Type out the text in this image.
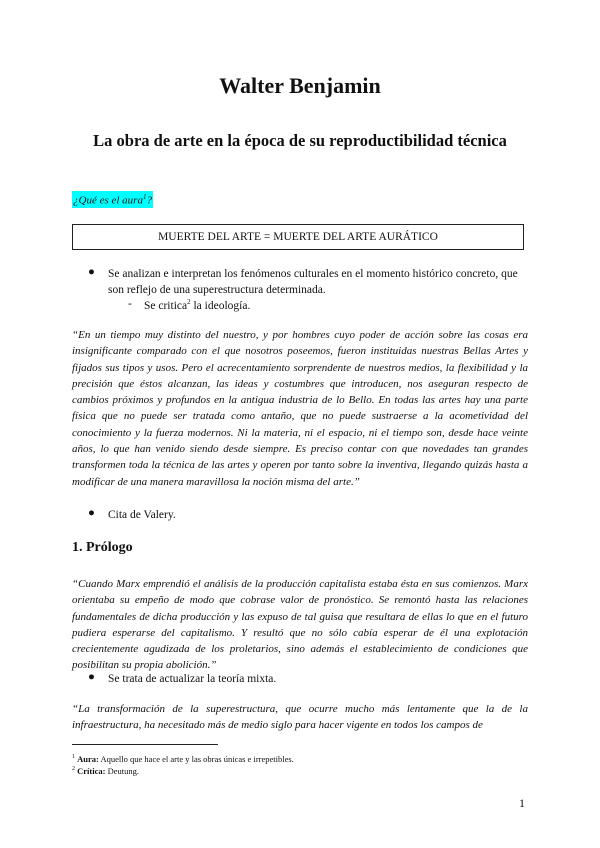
Walter Benjamin
La obra de arte en la época de su reproductibilidad técnica
¿Qué es el aura$^1$?
MUERTE DEL ARTE = MUERTE DEL ARTE AURÁTICO
● Se analizan e interpretan los fenómenos culturales en el momento histórico concreto, que son reflejo de una superestructura determinada.
- Se critica$^2$ la ideología.
“En un tiempo muy distinto del nuestro, y por hombres cuyo poder de acción sobre las cosas era insignificante comparado con el que nosotros poseemos, fueron instituidas nuestras Bellas Artes y fijados sus tipos y usos. Pero el acrecentamiento sorprendente de nuestros medios, la flexibilidad y la precisión que éstos alcanzan, las ideas y costumbres que introducen, nos aseguran respecto de cambios próximos y profundos en la antigua industria de lo Bello. En todas las artes hay una parte física que no puede ser tratada como antaño, que no puede sustraerse a la acometividad del conocimiento y la fuerza modernos. Ni la materia, ni el espacio, ni el tiempo son, desde hace veinte años, lo que han venido siendo desde siempre. Es preciso contar con que novedades tan grandes transformen toda la técnica de las artes y operen por tanto sobre la inventiva, llegando quizás hasta a modificar de una manera maravillosa la noción misma del arte.”
● Cita de Valery.
1. Prólogo
“Cuando Marx emprendió el análisis de la producción capitalista estaba ésta en sus comienzos. Marx orientaba su empeño de modo que cobrase valor de pronóstico. Se remontó hasta las relaciones fundamentales de dicha producción y las expuso de tal guisa que resultara de ellas lo que en el futuro pudiera esperarse del capitalismo. Y resultó que no sólo cabía esperar de él una explotación crecientemente agudizada de los proletarios, sino además el establecimiento de condiciones que posibilitan su propia abolición.”
● Se trata de actualizar la teoría mixta.
“La transformación de la superestructura, que ocurre mucho más lentamente que la de la infraestructura, ha necesitado más de medio siglo para hacer vigente en todos los campos de
$^1$ Aura: Aquello que hace el arte y las obras únicas e irrepetibles.
$^2$ Crítica: Deutung.
1
